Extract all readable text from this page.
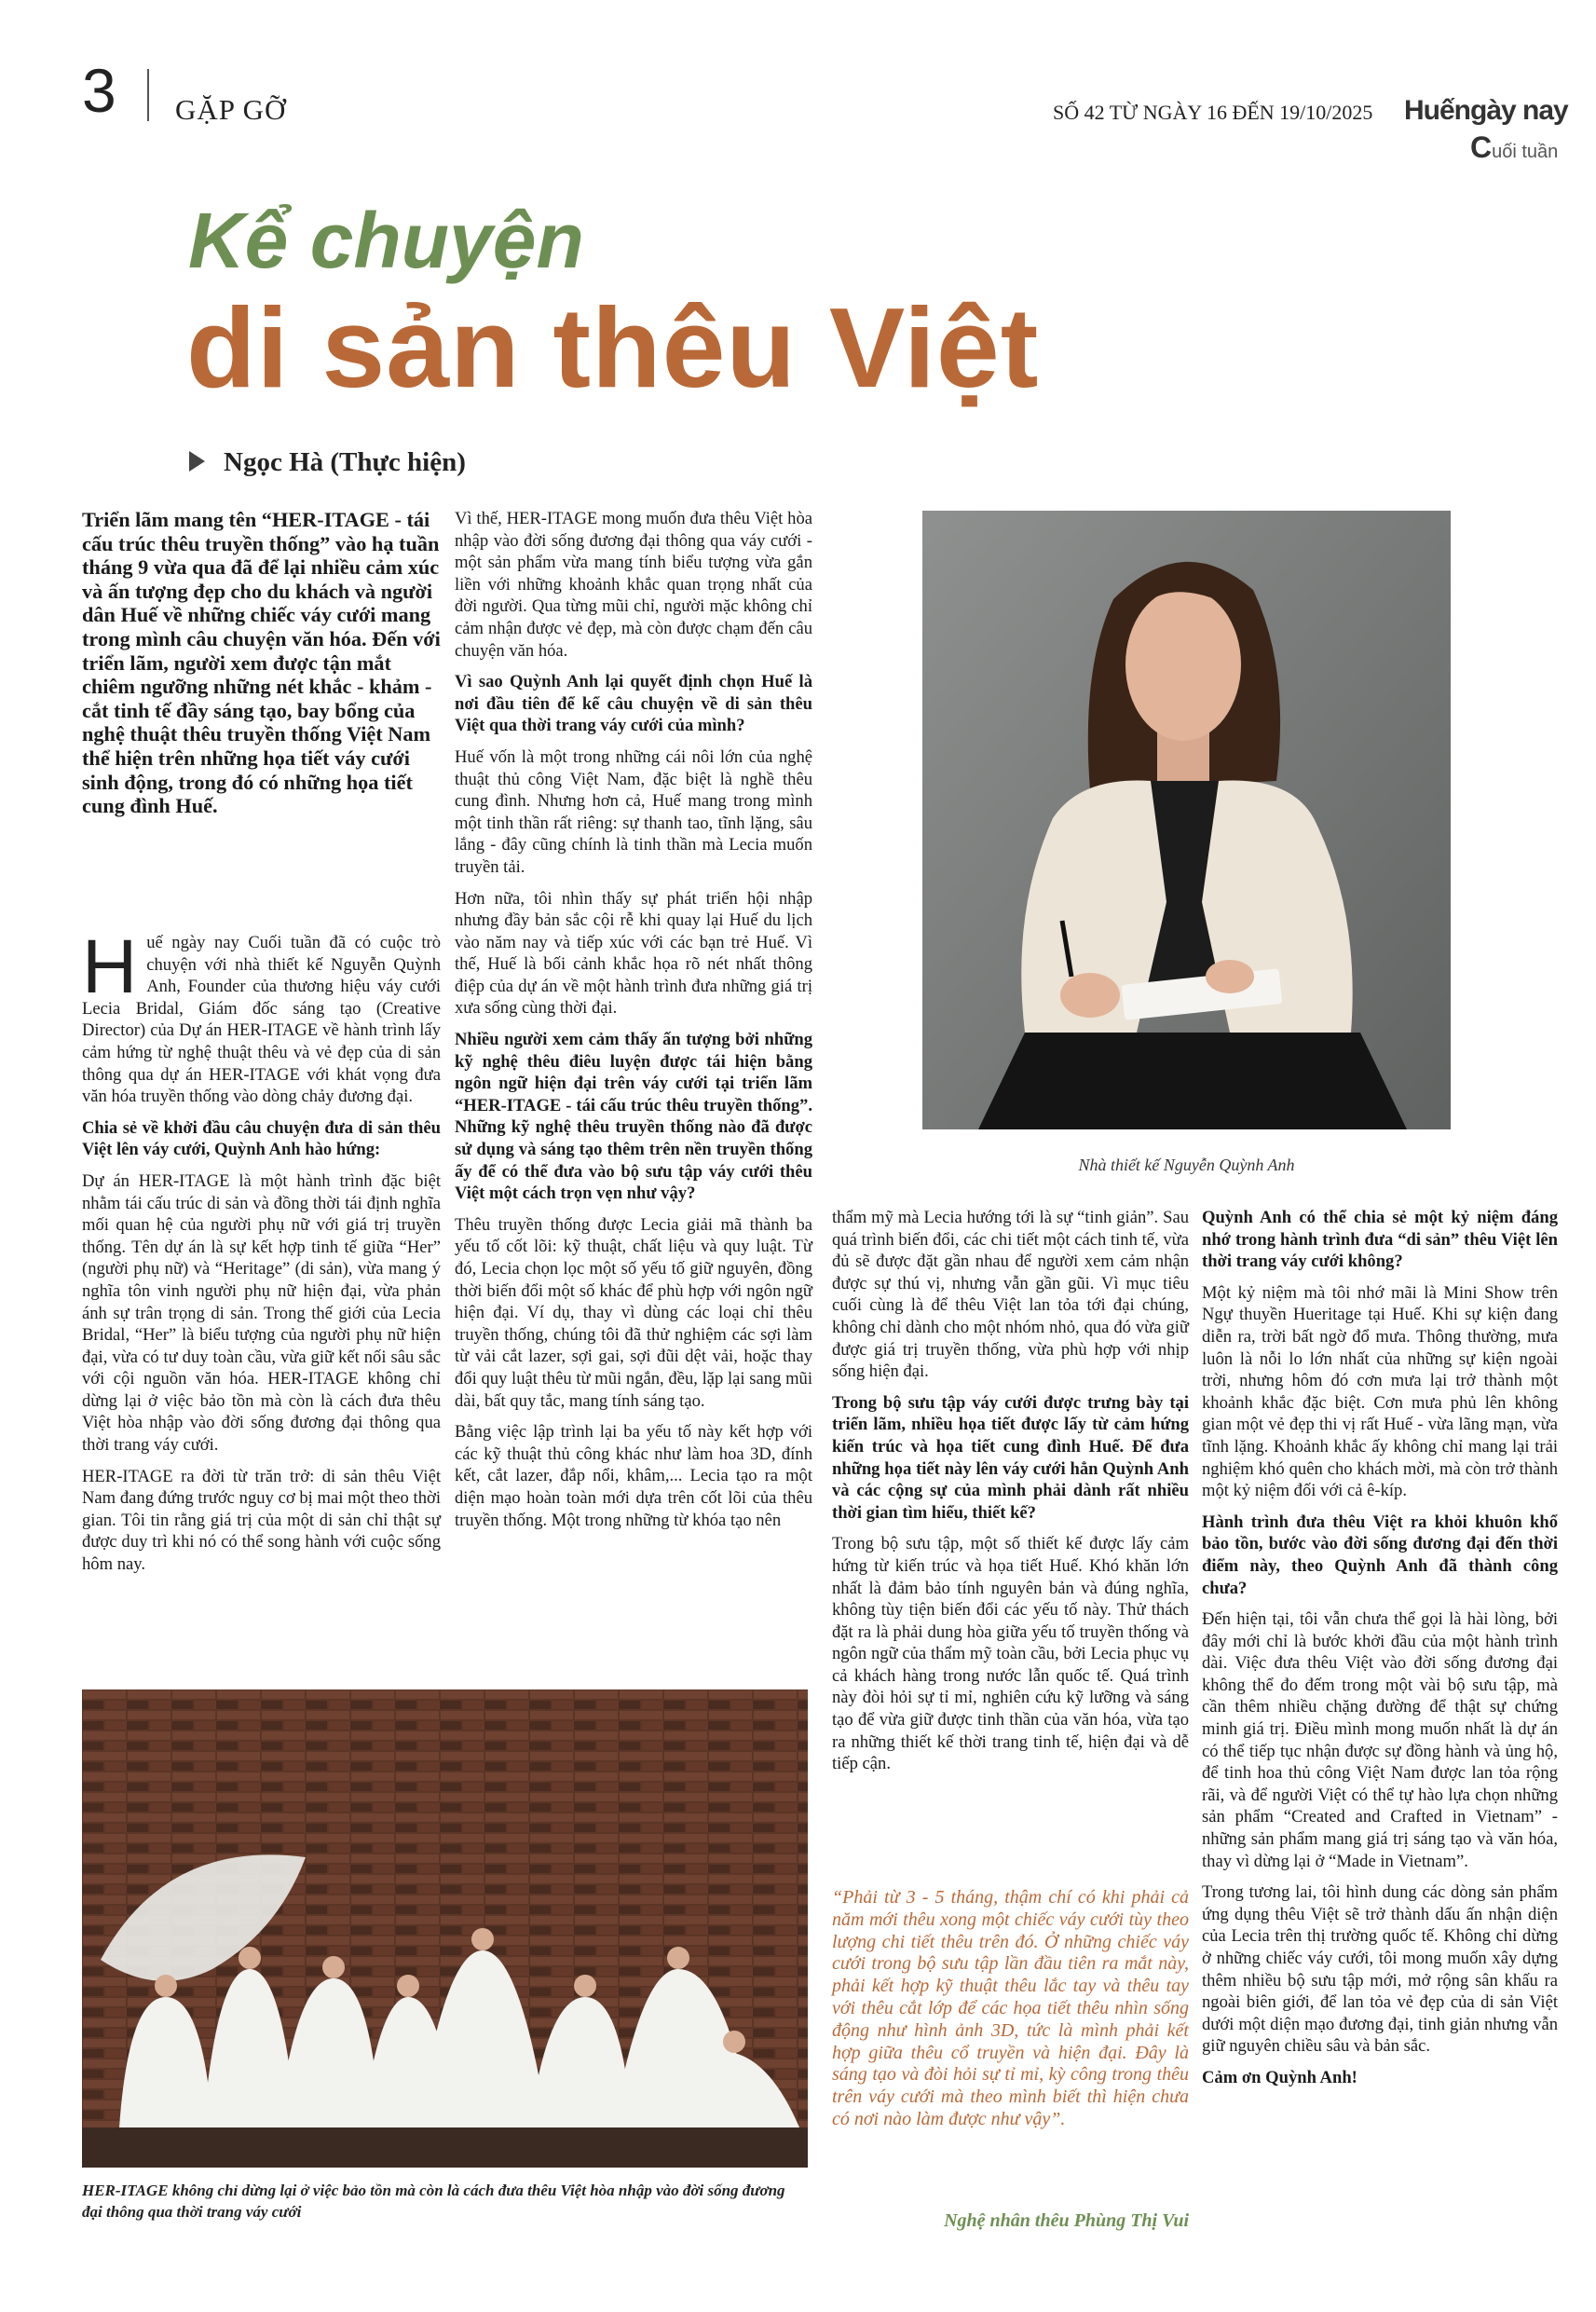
3 GẶP GỠ	SỐ 42 TỪ NGÀY 16 ĐẾN 19/10/2025 Huếngày nay
Cuối tuần
Kể chuyện
di sản thêu Việt
Ngọc Hà (Thực hiện)
Triển lãm mang tên “HER-ITAGE - tái cấu trúc thêu truyền thống” vào hạ tuần tháng 9 vừa qua đã để lại nhiều cảm xúc và ấn tượng đẹp cho du khách và người dân Huế về những chiếc váy cưới mang trong mình câu chuyện văn hóa. Đến với triển lãm, người xem được tận mắt chiêm ngưỡng những nét khắc - khảm - cắt tinh tế đầy sáng tạo, bay bổng của nghệ thuật thêu truyền thống Việt Nam thể hiện trên những họa tiết váy cưới sinh động, trong đó có những họa tiết cung đình Huế.

Huế ngày nay Cuối tuần đã có cuộc trò chuyện với nhà thiết kế Nguyễn Quỳnh Anh, Founder của thương hiệu váy cưới Lecia Bridal, Giám đốc sáng tạo (Creative Director) của Dự án HER-ITAGE về hành trình lấy cảm hứng từ nghệ thuật thêu và vẻ đẹp của di sản thông qua dự án HER-ITAGE với khát vọng đưa văn hóa truyền thống vào dòng chảy đương đại.

Chia sẻ về khởi đầu câu chuyện đưa di sản thêu Việt lên váy cưới, Quỳnh Anh hào hứng:

Dự án HER-ITAGE là một hành trình đặc biệt nhằm tái cấu trúc di sản và đồng thời tái định nghĩa mối quan hệ của người phụ nữ với giá trị truyền thống. Tên dự án là sự kết hợp tinh tế giữa “Her” (người phụ nữ) và “Heritage” (di sản), vừa mang ý nghĩa tôn vinh người phụ nữ hiện đại, vừa phản ánh sự trân trọng di sản. Trong thế giới của Lecia Bridal, “Her” là biểu tượng của người phụ nữ hiện đại, vừa có tư duy toàn cầu, vừa giữ kết nối sâu sắc với cội nguồn văn hóa. HER-ITAGE không chỉ dừng lại ở việc bảo tồn mà còn là cách đưa thêu Việt hòa nhập vào đời sống đương đại thông qua thời trang váy cưới.

HER-ITAGE ra đời từ trăn trở: di sản thêu Việt Nam đang đứng trước nguy cơ bị mai một theo thời gian. Tôi tin rằng giá trị của một di sản chỉ thật sự được duy trì khi nó có thể song hành với cuộc sống hôm nay.

Vì thế, HER-ITAGE mong muốn đưa thêu Việt hòa nhập vào đời sống đương đại thông qua váy cưới - một sản phẩm vừa mang tính biểu tượng vừa gắn liền với những khoảnh khắc quan trọng nhất của đời người. Qua từng mũi chỉ, người mặc không chỉ cảm nhận được vẻ đẹp, mà còn được chạm đến câu chuyện văn hóa.

Vì sao Quỳnh Anh lại quyết định chọn Huế là nơi đầu tiên để kể câu chuyện về di sản thêu Việt qua thời trang váy cưới của mình?

Huế vốn là một trong những cái nôi lớn của nghệ thuật thủ công Việt Nam, đặc biệt là nghề thêu cung đình. Nhưng hơn cả, Huế mang trong mình một tinh thần rất riêng: sự thanh tao, tĩnh lặng, sâu lắng - đây cũng chính là tinh thần mà Lecia muốn truyền tải.

Hơn nữa, tôi nhìn thấy sự phát triển hội nhập nhưng đầy bản sắc cội rễ khi quay lại Huế du lịch vào năm nay và tiếp xúc với các bạn trẻ Huế. Vì thế, Huế là bối cảnh khắc họa rõ nét nhất thông điệp của dự án về một hành trình đưa những giá trị xưa sống cùng thời đại.

Nhiều người xem cảm thấy ấn tượng bởi những kỹ nghệ thêu điêu luyện được tái hiện bằng ngôn ngữ hiện đại trên váy cưới tại triển lãm “HER-ITAGE - tái cấu trúc thêu truyền thống”. Những kỹ nghệ thêu truyền thống nào đã được sử dụng và sáng tạo thêm trên nền truyền thống ấy để có thể đưa vào bộ sưu tập váy cưới thêu Việt một cách trọn vẹn như vậy?

Thêu truyền thống được Lecia giải mã thành ba yếu tố cốt lõi: kỹ thuật, chất liệu và quy luật. Từ đó, Lecia chọn lọc một số yếu tố giữ nguyên, đồng thời biến đổi một số khác để phù hợp với ngôn ngữ hiện đại. Ví dụ, thay vì dùng các loại chỉ thêu truyền thống, chúng tôi đã thử nghiệm các sợi làm từ vải cắt lazer, sợi gai, sợi đũi dệt vải, hoặc thay đổi quy luật thêu từ mũi ngắn, đều, lặp lại sang mũi dài, bất quy tắc, mang tính sáng tạo.

Bằng việc lập trình lại ba yếu tố này kết hợp với các kỹ thuật thủ công khác như làm hoa 3D, đính kết, cắt lazer, đắp nổi, khâm,... Lecia tạo ra một diện mạo hoàn toàn mới dựa trên cốt lõi của thêu truyền thống. Một trong những từ khóa tạo nên

Nhà thiết kế Nguyễn Quỳnh Anh

thẩm mỹ mà Lecia hướng tới là sự “tinh giản”. Sau quá trình biến đổi, các chi tiết một cách tinh tế, vừa đủ sẽ được đặt gần nhau để người xem cảm nhận được sự thú vị, nhưng vẫn gần gũi. Vì mục tiêu cuối cùng là để thêu Việt lan tỏa tới đại chúng, không chỉ dành cho một nhóm nhỏ, qua đó vừa giữ được giá trị truyền thống, vừa phù hợp với nhịp sống hiện đại.

Trong bộ sưu tập váy cưới được trưng bày tại triển lãm, nhiều họa tiết được lấy từ cảm hứng kiến trúc và họa tiết cung đình Huế. Để đưa những họa tiết này lên váy cưới hẳn Quỳnh Anh và các cộng sự của mình phải dành rất nhiều thời gian tìm hiểu, thiết kế?

Trong bộ sưu tập, một số thiết kế được lấy cảm hứng từ kiến trúc và họa tiết Huế. Khó khăn lớn nhất là đảm bảo tính nguyên bản và đúng nghĩa, không tùy tiện biến đổi các yếu tố này. Thử thách đặt ra là phải dung hòa giữa yếu tố truyền thống và ngôn ngữ của thẩm mỹ toàn cầu, bởi Lecia phục vụ cả khách hàng trong nước lẫn quốc tế. Quá trình này đòi hỏi sự tỉ mỉ, nghiên cứu kỹ lưỡng và sáng tạo để vừa giữ được tinh thần của văn hóa, vừa tạo ra những thiết kế thời trang tinh tế, hiện đại và dễ tiếp cận.

“Phải từ 3 - 5 tháng, thậm chí có khi phải cả năm mới thêu xong một chiếc váy cưới tùy theo lượng chi tiết thêu trên đó. Ở những chiếc váy cưới trong bộ sưu tập lần đầu tiên ra mắt này, phải kết hợp kỹ thuật thêu lắc tay và thêu tay với thêu cắt lớp để các họa tiết thêu nhìn sống động như hình ảnh 3D, tức là mình phải kết hợp giữa thêu cổ truyền và hiện đại. Đây là sáng tạo và đòi hỏi sự tỉ mỉ, kỳ công trong thêu trên váy cưới mà theo mình biết thì hiện chưa có nơi nào làm được như vậy”.
Nghệ nhân thêu Phùng Thị Vui

Quỳnh Anh có thể chia sẻ một kỷ niệm đáng nhớ trong hành trình đưa “di sản” thêu Việt lên thời trang váy cưới không?

Một kỷ niệm mà tôi nhớ mãi là Mini Show trên Ngự thuyền Hueritage tại Huế. Khi sự kiện đang diễn ra, trời bất ngờ đổ mưa. Thông thường, mưa luôn là nỗi lo lớn nhất của những sự kiện ngoài trời, nhưng hôm đó cơn mưa lại trở thành một khoảnh khắc đặc biệt. Cơn mưa phủ lên không gian một vẻ đẹp thi vị rất Huế - vừa lãng mạn, vừa tĩnh lặng. Khoảnh khắc ấy không chỉ mang lại trải nghiệm khó quên cho khách mời, mà còn trở thành một kỷ niệm đối với cả ê-kíp.

Hành trình đưa thêu Việt ra khỏi khuôn khổ bảo tồn, bước vào đời sống đương đại đến thời điểm này, theo Quỳnh Anh đã thành công chưa?

Đến hiện tại, tôi vẫn chưa thể gọi là hài lòng, bởi đây mới chỉ là bước khởi đầu của một hành trình dài. Việc đưa thêu Việt vào đời sống đương đại không thể đo đếm trong một vài bộ sưu tập, mà cần thêm nhiều chặng đường để thật sự chứng minh giá trị. Điều mình mong muốn nhất là dự án có thể tiếp tục nhận được sự đồng hành và ủng hộ, để tinh hoa thủ công Việt Nam được lan tỏa rộng rãi, và để người Việt có thể tự hào lựa chọn những sản phẩm “Created and Crafted in Vietnam” - những sản phẩm mang giá trị sáng tạo và văn hóa, thay vì dừng lại ở “Made in Vietnam”.

Trong tương lai, tôi hình dung các dòng sản phẩm ứng dụng thêu Việt sẽ trở thành dấu ấn nhận diện của Lecia trên thị trường quốc tế. Không chỉ dừng ở những chiếc váy cưới, tôi mong muốn xây dựng thêm nhiều bộ sưu tập mới, mở rộng sân khấu ra ngoài biên giới, để lan tỏa vẻ đẹp của di sản Việt dưới một diện mạo đương đại, tinh giản nhưng vẫn giữ nguyên chiều sâu và bản sắc.

Cảm ơn Quỳnh Anh!

HER-ITAGE không chỉ dừng lại ở việc bảo tồn mà còn là cách đưa thêu Việt hòa nhập vào đời sống đương đại thông qua thời trang váy cưới
